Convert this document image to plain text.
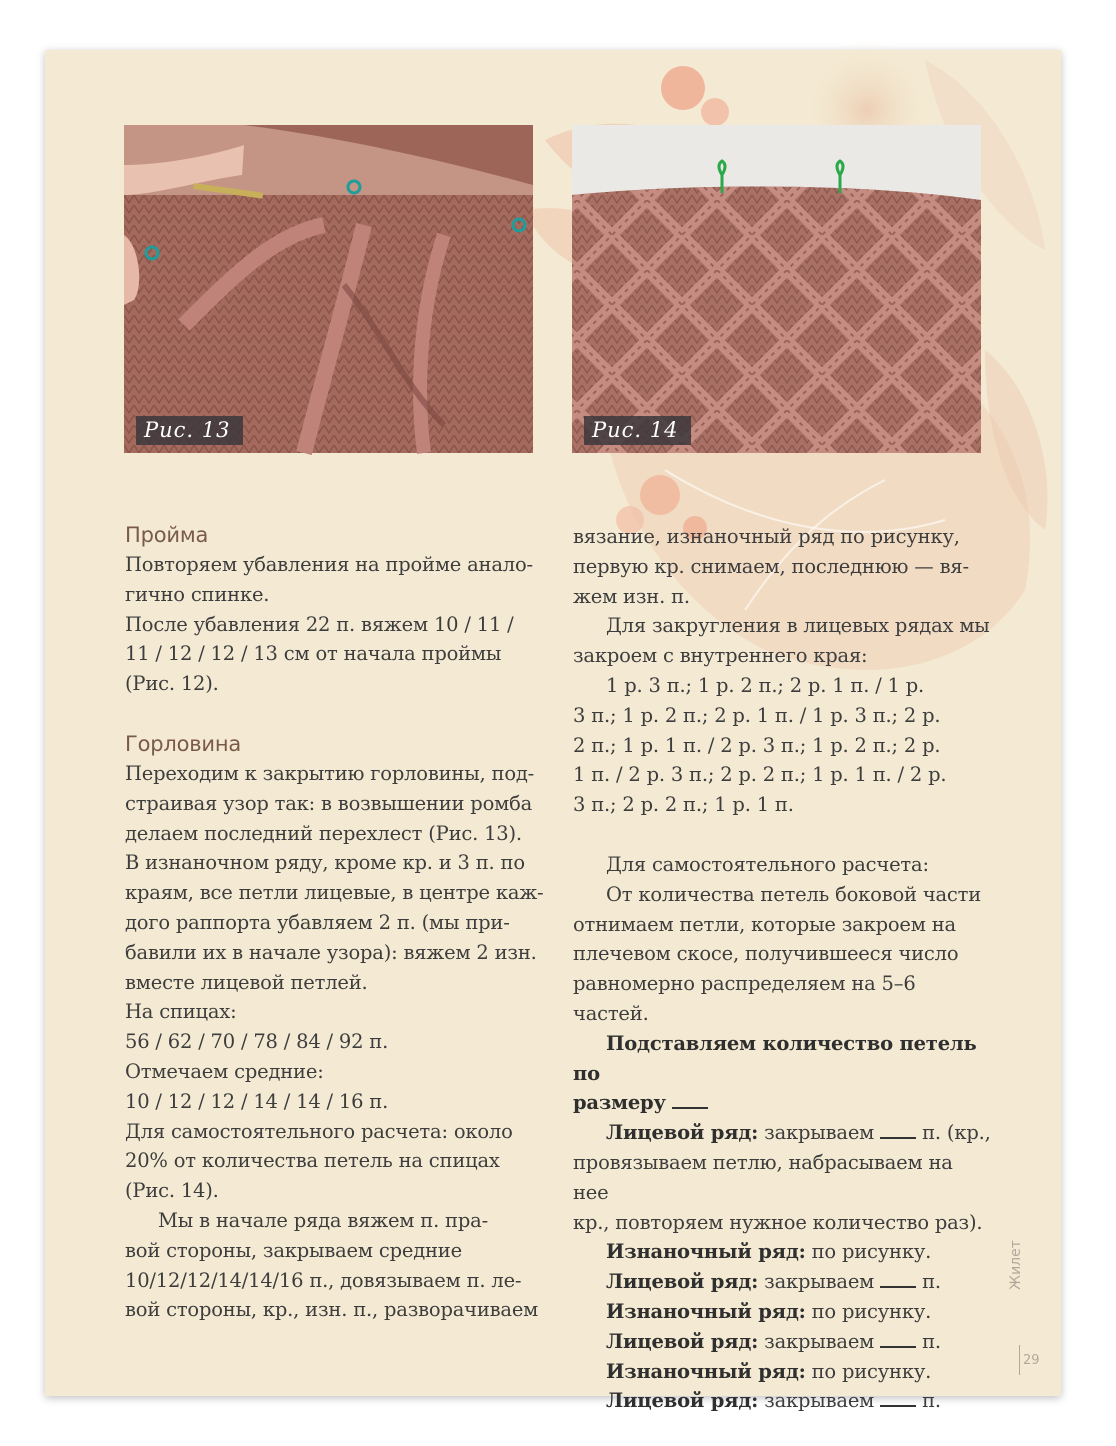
Рис. 13	Рис. 14

Пройма

Повторяем убавления на пройме анало-

гично спинке.

После убавления 22 п. вяжем 10 / 11 /

11 / 12 / 12 / 13 см от начала проймы

(Рис. 12).

Горловина

Переходим к закрытию горловины, под-

страивая узор так: в возвышении ромба

делаем последний перехлест (Рис. 13).

В изнаночном ряду, кроме кр. и 3 п. по

краям, все петли лицевые, в центре каж-

дого раппорта убавляем 2 п. (мы при-

бавили их в начале узора): вяжем 2 изн.

вместе лицевой петлей.

На спицах:

56 / 62 / 70 / 78 / 84 / 92 п.

Отмечаем средние:

10 / 12 / 12 / 14 / 14 / 16 п.

Для самостоятельного расчета: около

20% от количества петель на спицах

(Рис. 14).

Мы в начале ряда вяжем п. пра-

вой стороны, закрываем средние

10/12/12/14/14/16 п., довязываем п. ле-

вой стороны, кр., изн. п., разворачиваем

вязание, изнаночный ряд по рисунку,

первую кр. снимаем, последнюю — вя-

жем изн. п.

Для закругления в лицевых рядах мы

закроем с внутреннего края:

1 р. 3 п.; 1 р. 2 п.; 2 р. 1 п. / 1 р.

3 п.; 1 р. 2 п.; 2 р. 1 п. / 1 р. 3 п.; 2 р.

2 п.; 1 р. 1 п. / 2 р. 3 п.; 1 р. 2 п.; 2 р.

1 п. / 2 р. 3 п.; 2 р. 2 п.; 1 р. 1 п. / 2 р.

3 п.; 2 р. 2 п.; 1 р. 1 п.

Для самостоятельного расчета:

От количества петель боковой части

отнимаем петли, которые закроем на

плечевом скосе, получившееся число

равномерно распределяем на 5–6 частей.

Подставляем количество петель по

размеру

Лицевой ряд: закрываем п. (кр.,

провязываем петлю, набрасываем на нее

кр., повторяем нужное количество раз).

Изнаночный ряд: по рисунку.

Лицевой ряд: закрываем п.

Изнаночный ряд: по рисунку.

Лицевой ряд: закрываем п.

Изнаночный ряд: по рисунку.

Лицевой ряд: закрываем п.

Жилет
29
